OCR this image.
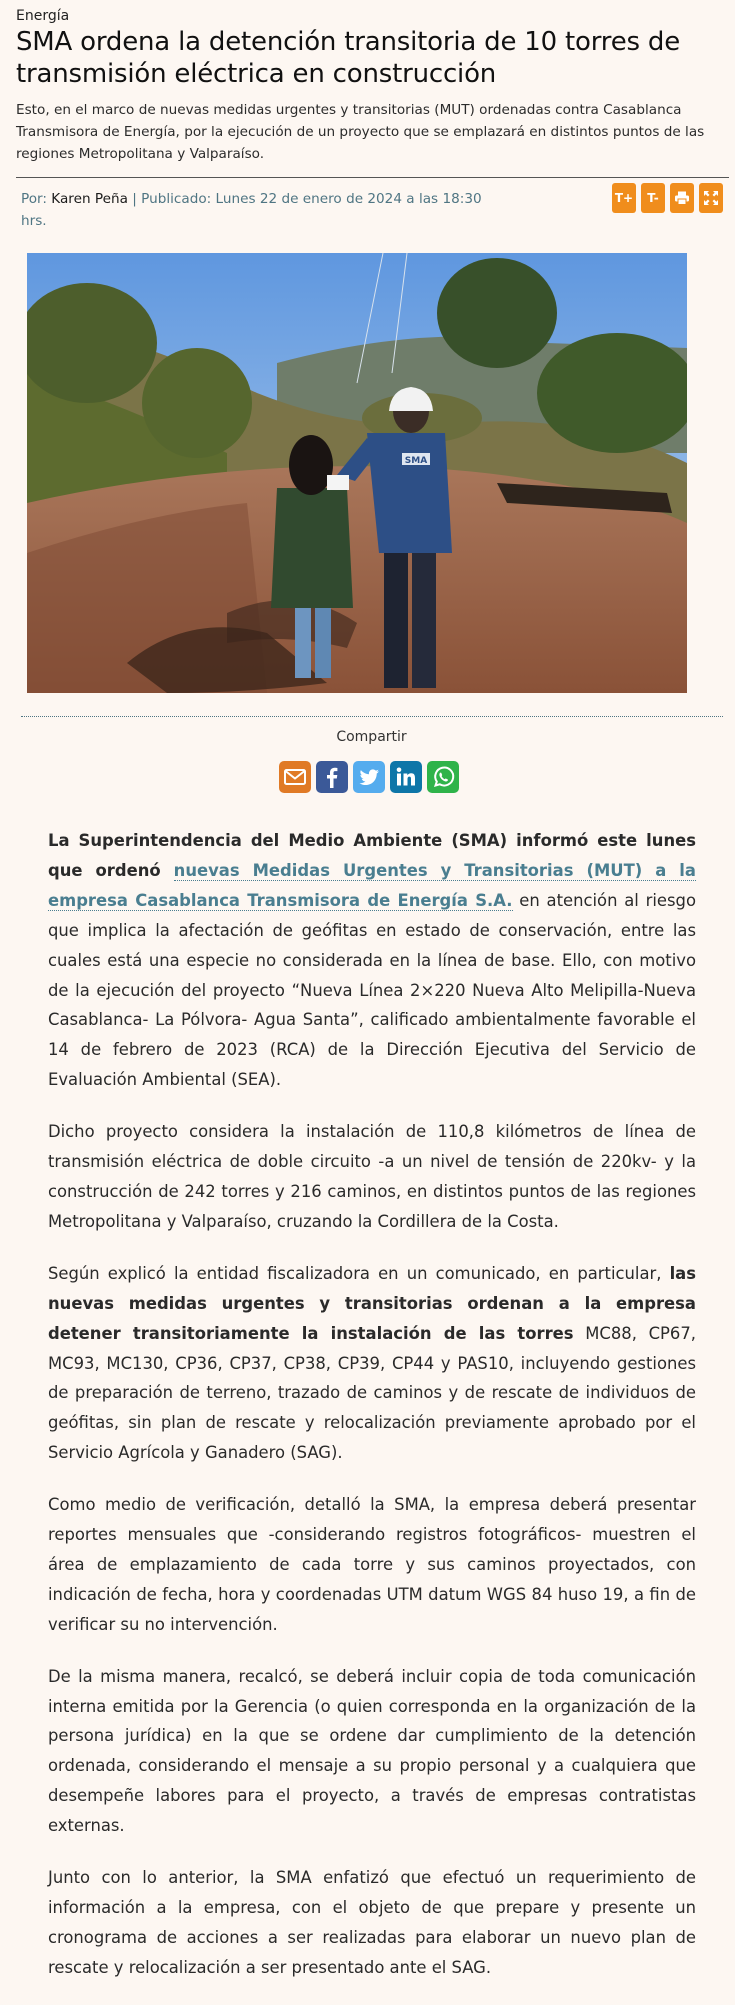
Energía
SMA ordena la detención transitoria de 10 torres de transmisión eléctrica en construcción
Esto, en el marco de nuevas medidas urgentes y transitorias (MUT) ordenadas contra Casablanca Transmisora de Energía, por la ejecución de un proyecto que se emplazará en distintos puntos de las regiones Metropolitana y Valparaíso.
Por: Karen Peña | Publicado: Lunes 22 de enero de 2024 a las 18:30 hrs.
T+	T-
SMA
Compartir

La Superintendencia del Medio Ambiente (SMA) informó este lunes que ordenó nuevas Medidas Urgentes y Transitorias (MUT) a la empresa Casablanca Transmisora de Energía S.A. en atención al riesgo que implica la afectación de geófitas en estado de conservación, entre las cuales está una especie no considerada en la línea de base. Ello, con motivo de la ejecución del proyecto “Nueva Línea 2×220 Nueva Alto Melipilla-Nueva Casablanca- La Pólvora- Agua Santa”, calificado ambientalmente favorable el 14 de febrero de 2023 (RCA) de la Dirección Ejecutiva del Servicio de Evaluación Ambiental (SEA).

Dicho proyecto considera la instalación de 110,8 kilómetros de línea de transmisión eléctrica de doble circuito -a un nivel de tensión de 220kv- y la construcción de 242 torres y 216 caminos, en distintos puntos de las regiones Metropolitana y Valparaíso, cruzando la Cordillera de la Costa.

Según explicó la entidad fiscalizadora en un comunicado, en particular, las nuevas medidas urgentes y transitorias ordenan a la empresa detener transitoriamente la instalación de las torres MC88, CP67, MC93, MC130, CP36, CP37, CP38, CP39, CP44 y PAS10, incluyendo gestiones de preparación de terreno, trazado de caminos y de rescate de individuos de geófitas, sin plan de rescate y relocalización previamente aprobado por el Servicio Agrícola y Ganadero (SAG).

Como medio de verificación, detalló la SMA, la empresa deberá presentar reportes mensuales que -considerando registros fotográficos- muestren el área de emplazamiento de cada torre y sus caminos proyectados, con indicación de fecha, hora y coordenadas UTM datum WGS 84 huso 19, a fin de verificar su no intervención.

De la misma manera, recalcó, se deberá incluir copia de toda comunicación interna emitida por la Gerencia (o quien corresponda en la organización de la persona jurídica) en la que se ordene dar cumplimiento de la detención ordenada, considerando el mensaje a su propio personal y a cualquiera que desempeñe labores para el proyecto, a través de empresas contratistas externas.

Junto con lo anterior, la SMA enfatizó que efectuó un requerimiento de información a la empresa, con el objeto de que prepare y presente un cronograma de acciones a ser realizadas para elaborar un nuevo plan de rescate y relocalización a ser presentado ante el SAG.
